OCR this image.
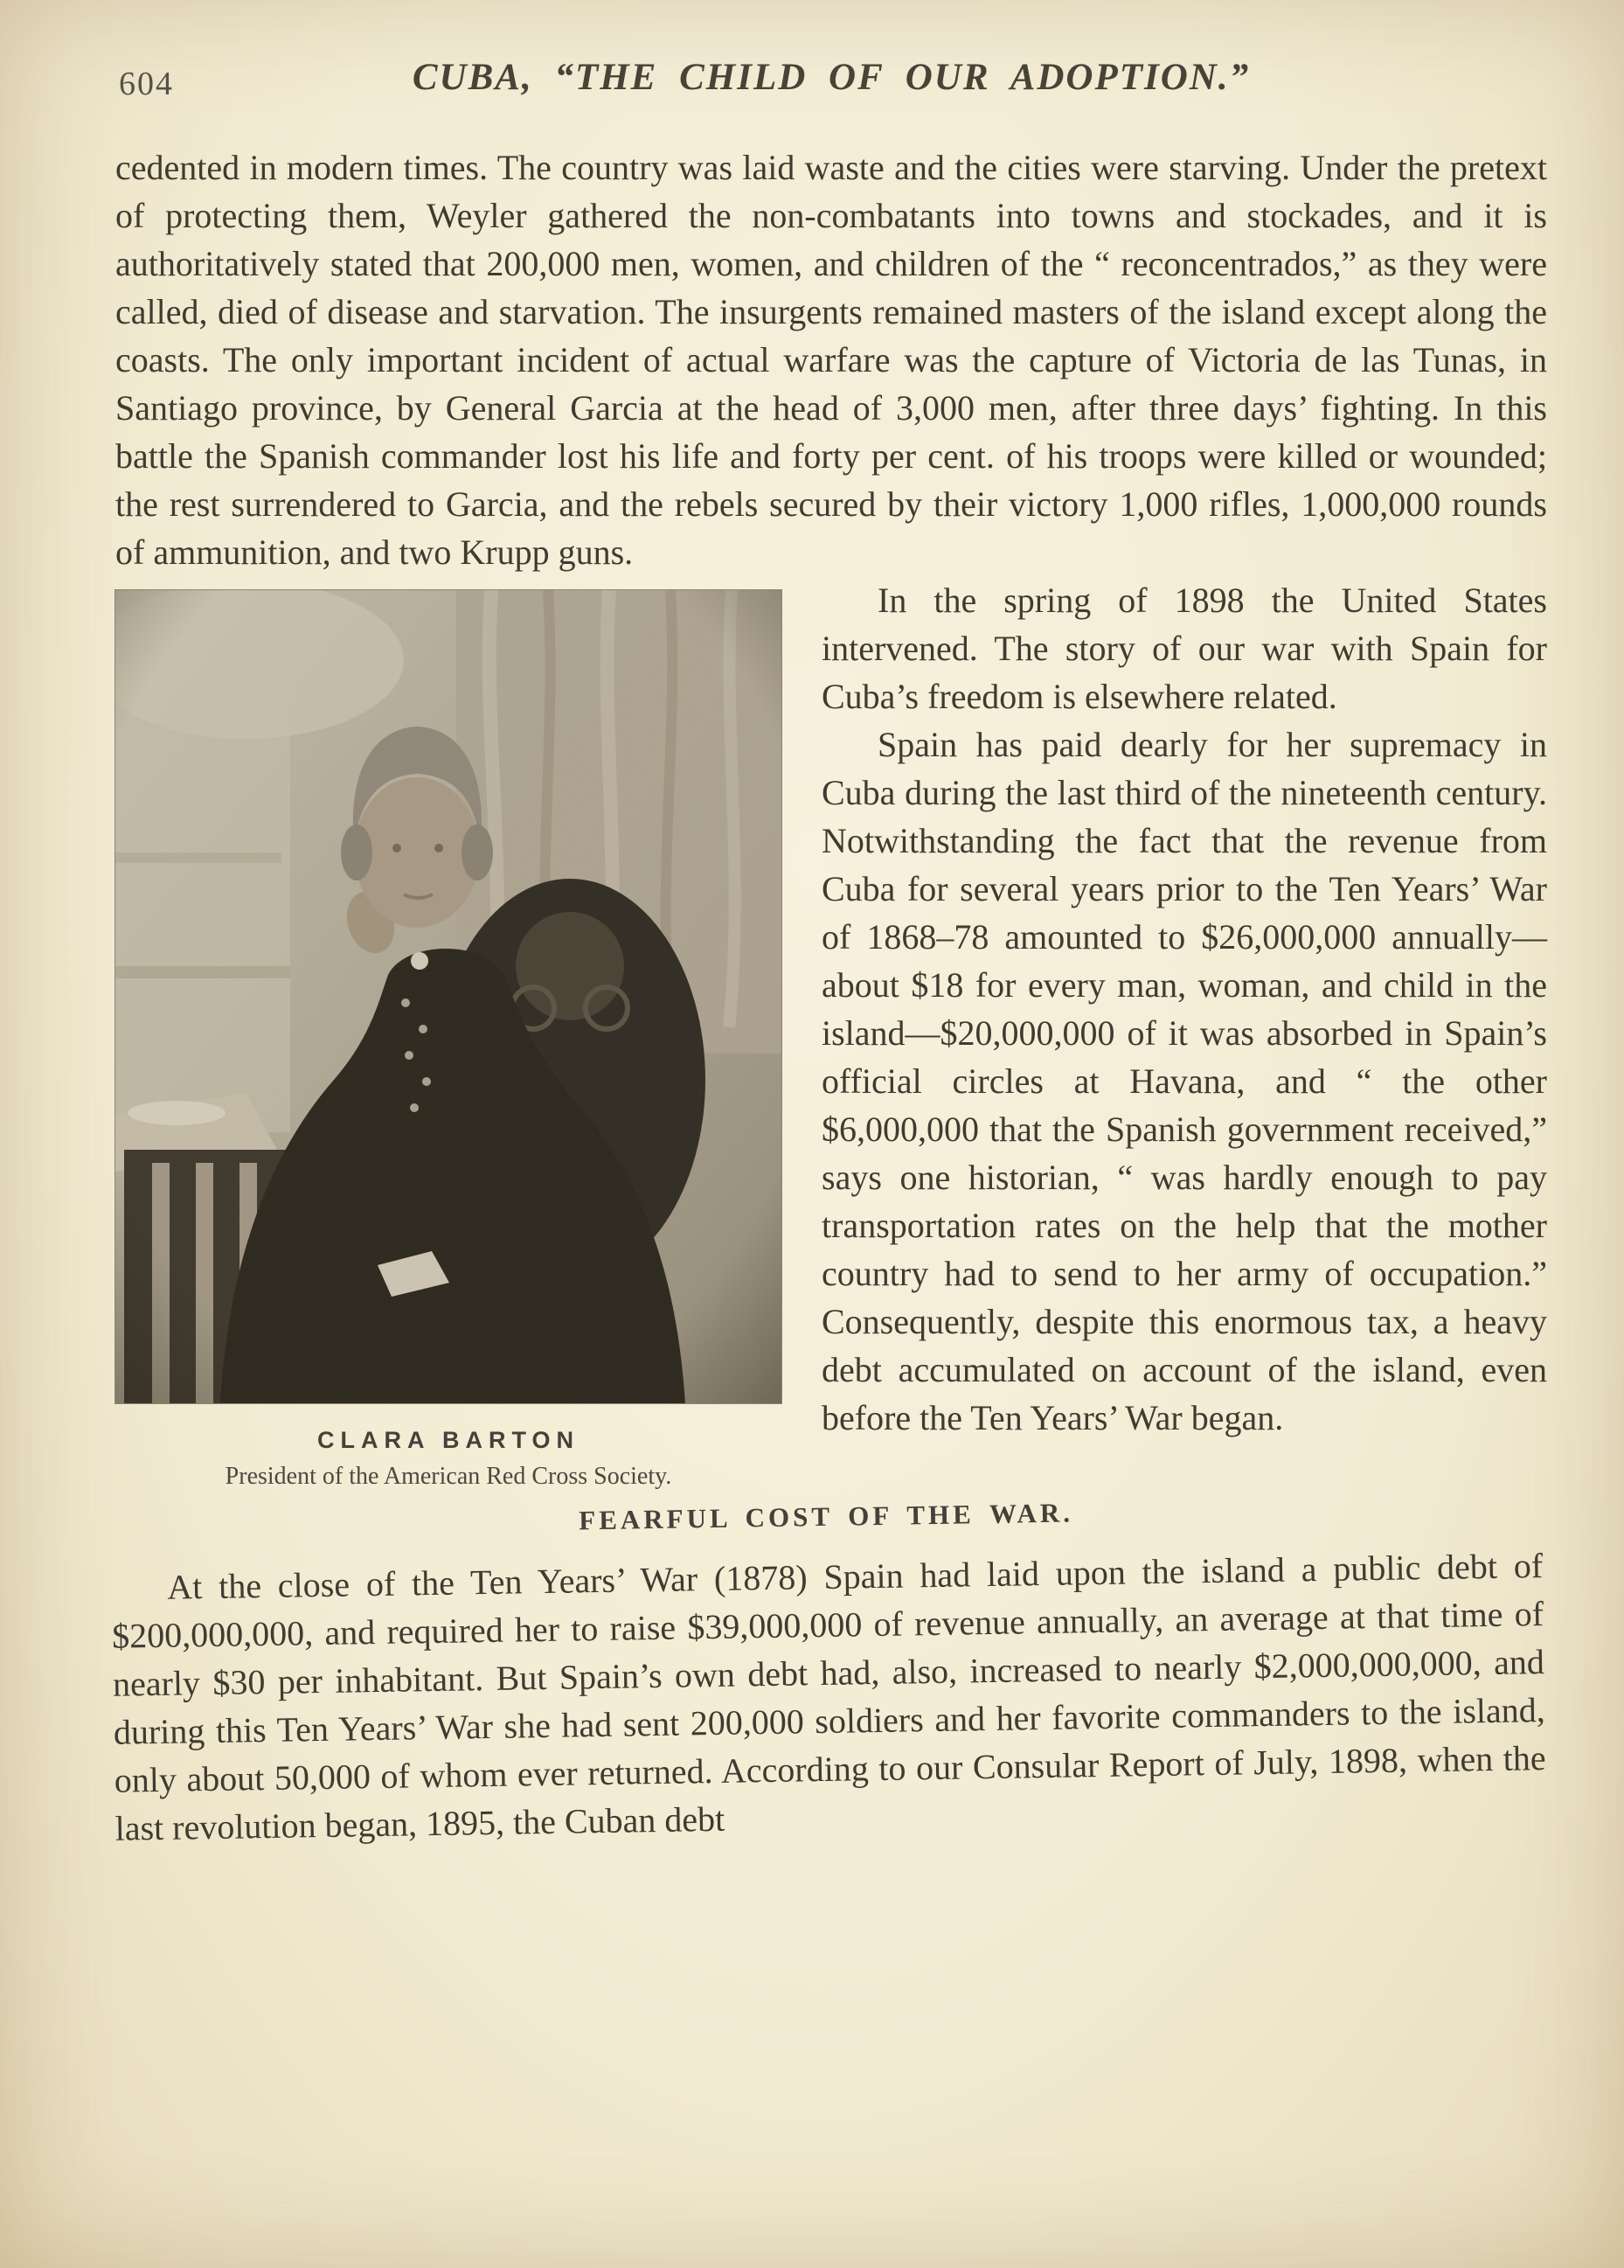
604	CUBA, “THE CHILD OF OUR ADOPTION.”

cedented in modern times. The country was laid waste and the cities were starving. Under the pretext of protecting them, Weyler gathered the non-combatants into towns and stockades, and it is authoritatively stated that 200,000 men, women, and children of the “ reconcentrados,” as they were called, died of disease and starvation. The insurgents remained masters of the island except along the coasts. The only important incident of actual warfare was the capture of Victoria de las Tunas, in Santiago province, by General Garcia at the head of 3,000 men, after three days’ fighting. In this battle the Spanish commander lost his life and forty per cent. of his troops were killed or wounded; the rest surrendered to Garcia, and the rebels secured by their victory 1,000 rifles, 1,000,000 rounds of ammunition, and two Krupp guns.

CLARA BARTON
President of the American Red Cross Society.

In the spring of 1898 the United States intervened. The story of our war with Spain for Cuba’s freedom is elsewhere related.

Spain has paid dearly for her supremacy in Cuba during the last third of the nineteenth century. Notwithstanding the fact that the revenue from Cuba for several years prior to the Ten Years’ War of 1868–78 amounted to $26,000,000 annually—about $18 for every man, woman, and child in the island—$20,000,000 of it was absorbed in Spain’s official circles at Havana, and “ the other $6,000,000 that the Spanish government received,” says one historian, “ was hardly enough to pay transportation rates on the help that the mother country had to send to her army of occupation.” Consequently, despite this enormous tax, a heavy debt accumulated on account of the island, even before the Ten Years’ War began.

FEARFUL COST OF THE WAR.

At the close of the Ten Years’ War (1878) Spain had laid upon the island a public debt of $200,000,000, and required her to raise $39,000,000 of revenue annually, an average at that time of nearly $30 per inhabitant. But Spain’s own debt had, also, increased to nearly $2,000,000,000, and during this Ten Years’ War she had sent 200,000 soldiers and her favorite commanders to the island, only about 50,000 of whom ever returned. According to our Consular Report of July, 1898, when the last revolution began, 1895, the Cuban debt
